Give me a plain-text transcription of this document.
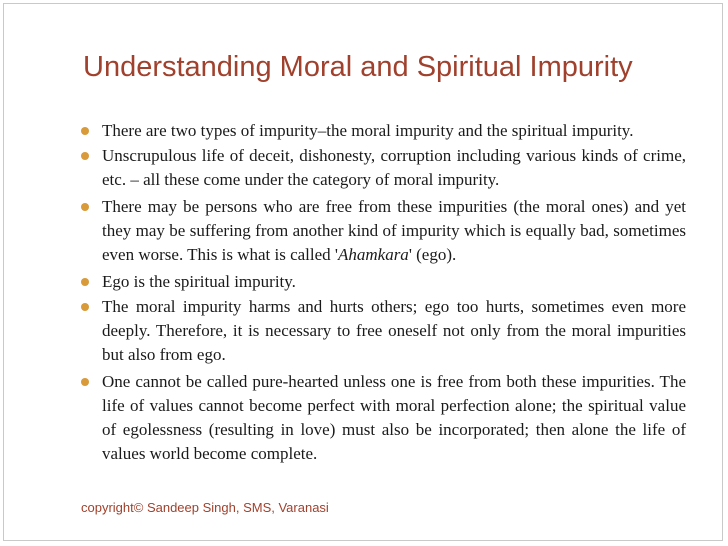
Understanding Moral and Spiritual Impurity
There are two types of impurity–the moral impurity and the spiritual impurity.
Unscrupulous life of deceit, dishonesty, corruption including various kinds of crime, etc. – all these come under the category of moral impurity.
There may be persons who are free from these impurities (the moral ones) and yet they may be suffering from another kind of impurity which is equally bad, sometimes even worse. This is what is called 'Ahamkara' (ego).
Ego is the spiritual impurity.
The moral impurity harms and hurts others; ego too hurts, sometimes even more deeply. Therefore, it is necessary to free oneself not only from the moral impurities but also from ego.
One cannot be called pure-hearted unless one is free from both these impurities. The life of values cannot become perfect with moral perfection alone; the spiritual value of egolessness (resulting in love) must also be incorporated; then alone the life of values world become complete.
copyright© Sandeep Singh, SMS, Varanasi
